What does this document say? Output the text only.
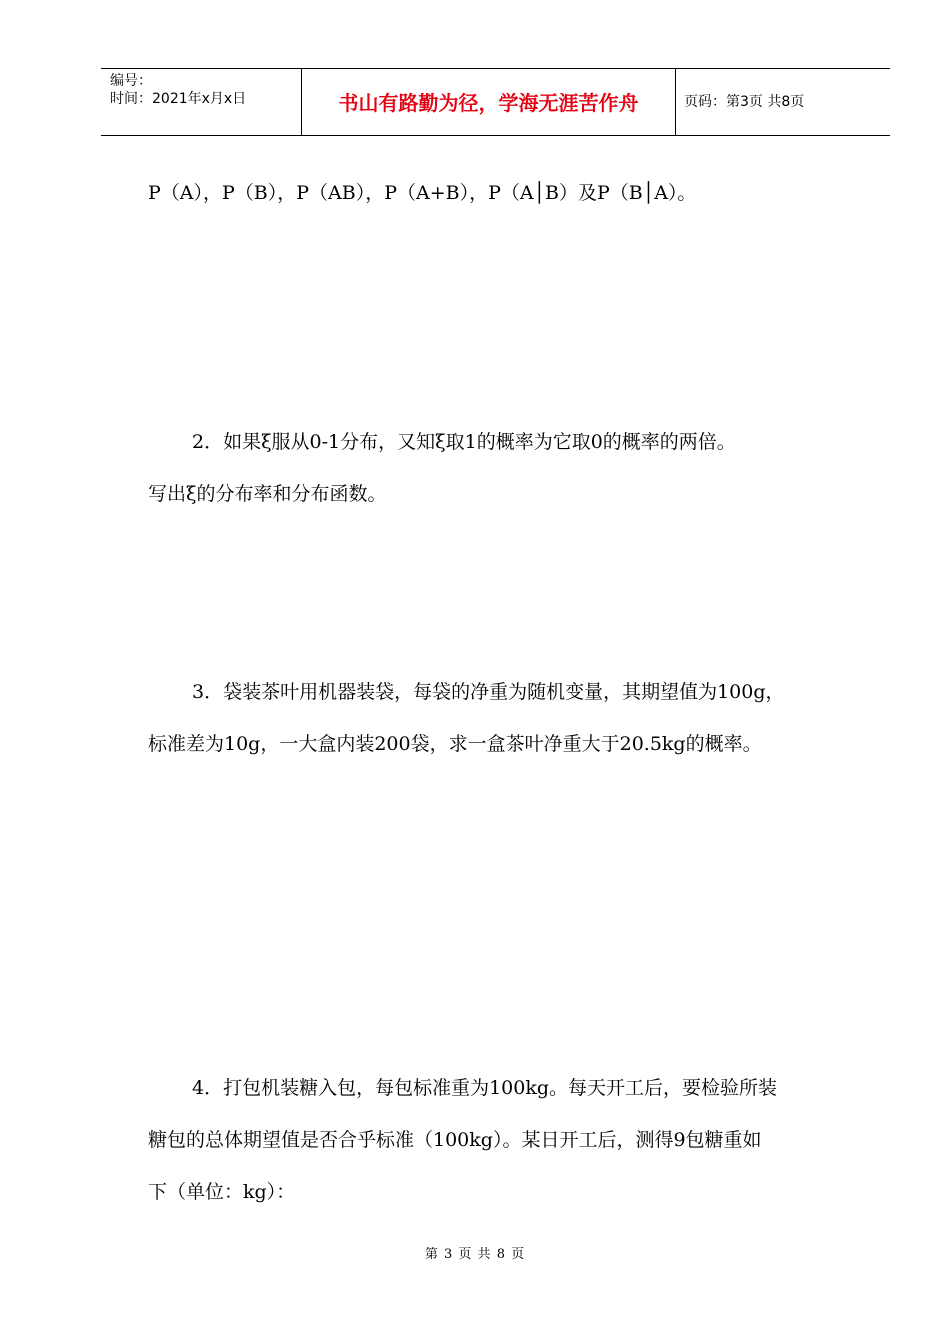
编号：
时间：2021年x月x日	书山有路勤为径，学海无涯苦作舟	页码：第3页 共8页
P（A），P（B），P（AB），P（A+B），P（A│B）及P（B│A）。
2．如果ξ服从0-1分布，又知ξ取1的概率为它取0的概率的两倍。
写出ξ的分布率和分布函数。
3．袋装茶叶用机器装袋，每袋的净重为随机变量，其期望值为100g，
标准差为10g，一大盒内装200袋，求一盒茶叶净重大于20.5kg的概率。
4．打包机装糖入包，每包标准重为100kg。每天开工后，要检验所装
糖包的总体期望值是否合乎标准（100kg）。某日开工后，测得9包糖重如
下（单位：kg）：
第 3 页 共 8 页
